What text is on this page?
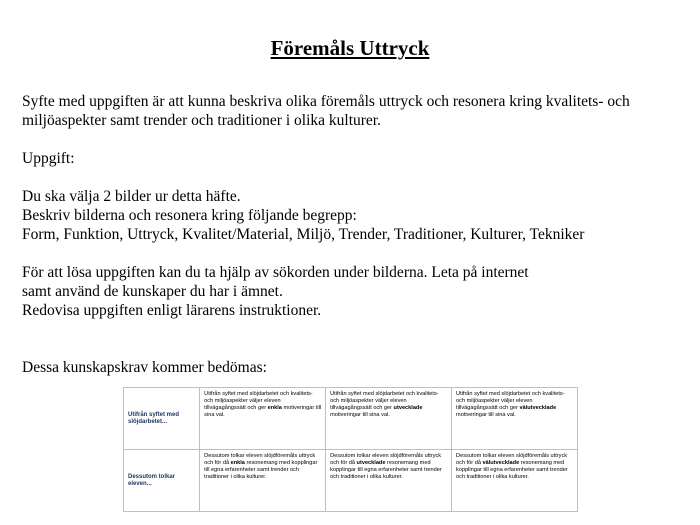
Föremåls Uttryck

Syfte med uppgiften är att kunna beskriva olika föremåls uttryck och resonera kring kvalitets- och

miljöaspekter samt trender och traditioner i olika kulturer.

Uppgift:

Du ska välja 2 bilder ur detta häfte.

Beskriv bilderna och resonera kring följande begrepp:

Form, Funktion, Uttryck, Kvalitet/Material, Miljö, Trender, Traditioner, Kulturer, Tekniker

För att lösa uppgiften kan du ta hjälp av sökorden under bilderna. Leta på internet

samt använd de kunskaper du har i ämnet.

Redovisa uppgiften enligt lärarens instruktioner.

Dessa kunskapskrav kommer bedömas:

Utifrån syftet med slöjdarbetet...	Utifrån syftet med slöjdarbetet och kvalitets- och miljöaspekter väljer eleven tillvägagångssätt och ger enkla motiveringar till sina val.	Utifrån syftet med slöjdarbetet och kvalitets- och miljöaspekter väljer eleven tillvägagångssätt och ger utvecklade motiveringar till sina val.	Utifrån syftet med slöjdarbetet och kvalitets- och miljöaspekter väljer eleven tillvägagångssätt och ger välutvecklade motiveringar till sina val.
Dessutom tolkar eleven...	Dessutom tolkar eleven slöjdföremåls uttryck och för då enkla resonemang med kopplingar till egna erfarenheter samt trender och traditioner i olika kulturer.	Dessutom tolkar eleven slöjdföremåls uttryck och för då utvecklade resonemang med kopplingar till egna erfarenheter samt trender och traditioner i olika kulturer.	Dessutom tolkar eleven slöjdföremåls uttryck och för då välutvecklade resonemang med kopplingar till egna erfarenheter samt trender och traditioner i olika kulturer.
